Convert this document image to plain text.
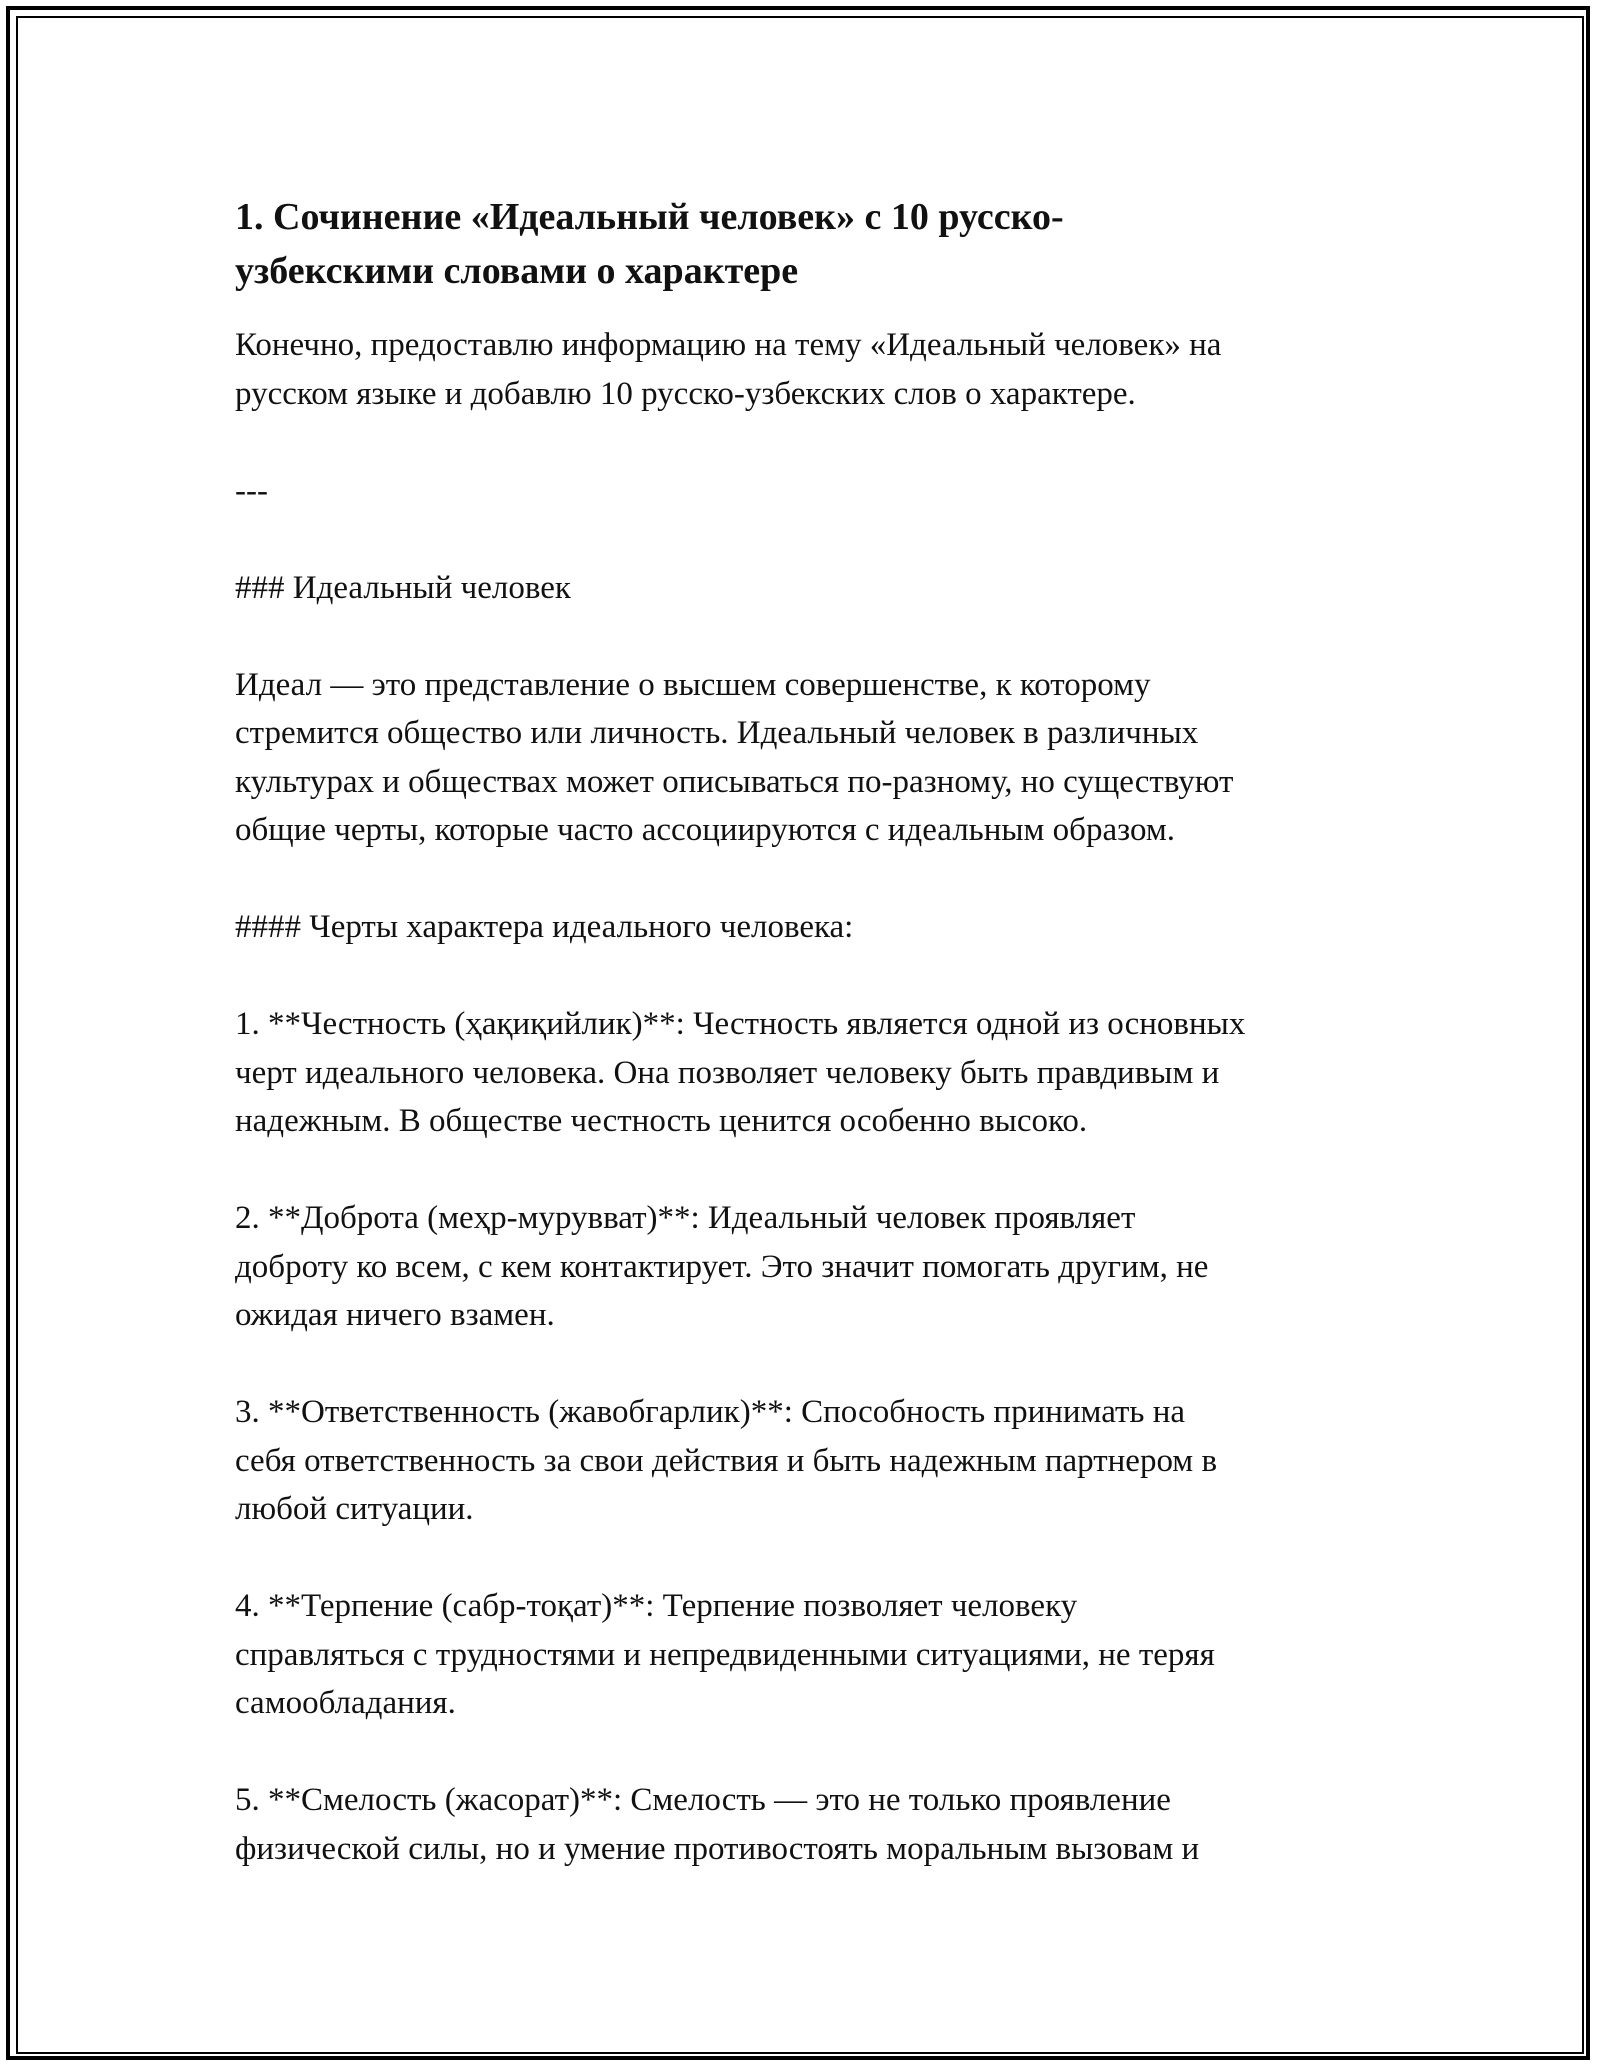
1. Сочинение «Идеальный человек» с 10 русско-
узбекскими словами о характере

Конечно, предоставлю информацию на тему «Идеальный человек» на
русском языке и добавлю 10 русско-узбекских слов о характере.

---

### Идеальный человек

Идеал — это представление о высшем совершенстве, к которому
стремится общество или личность. Идеальный человек в различных
культурах и обществах может описываться по-разному, но существуют
общие черты, которые часто ассоциируются с идеальным образом.

#### Черты характера идеального человека:

1. **Честность (ҳақиқийлик)**: Честность является одной из основных
черт идеального человека. Она позволяет человеку быть правдивым и
надежным. В обществе честность ценится особенно высоко.

2. **Доброта (меҳр-мурувват)**: Идеальный человек проявляет
доброту ко всем, с кем контактирует. Это значит помогать другим, не
ожидая ничего взамен.

3. **Ответственность (жавобгарлик)**: Способность принимать на
себя ответственность за свои действия и быть надежным партнером в
любой ситуации.

4. **Терпение (сабр-тоқат)**: Терпение позволяет человеку
справляться с трудностями и непредвиденными ситуациями, не теряя
самообладания.

5. **Смелость (жасорат)**: Смелость — это не только проявление
физической силы, но и умение противостоять моральным вызовам и
